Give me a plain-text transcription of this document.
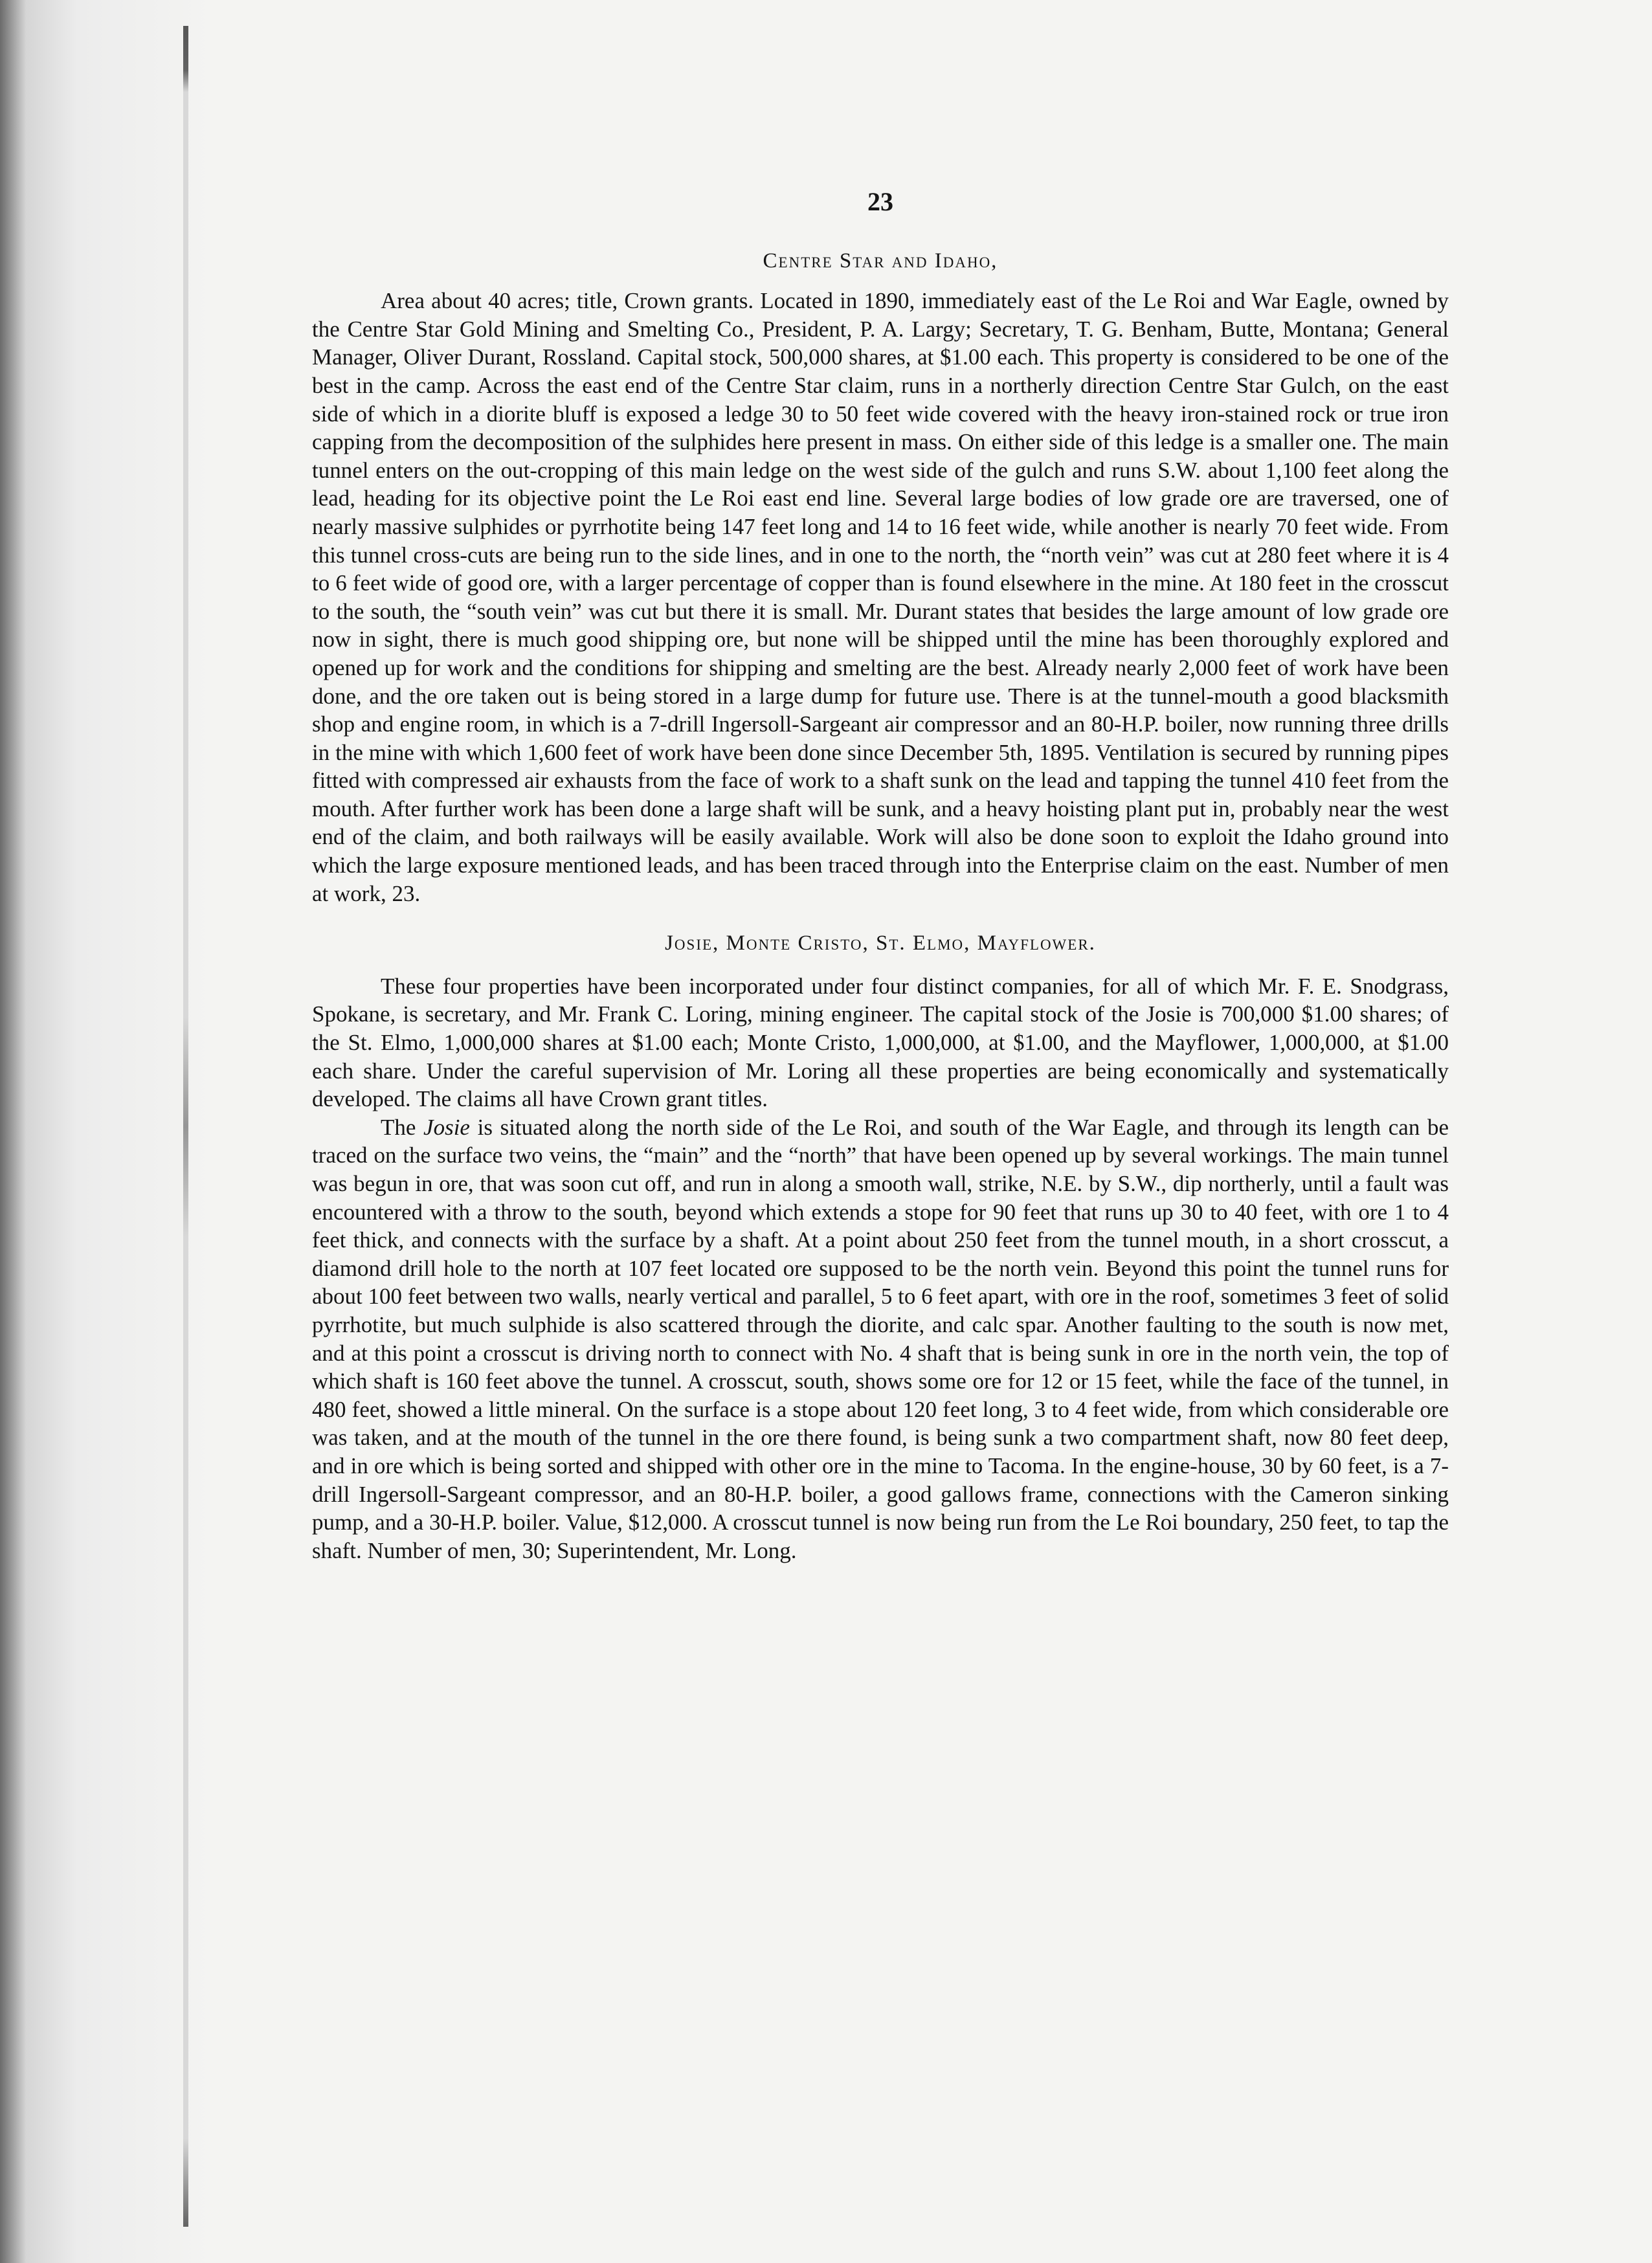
23
Centre Star and Idaho,

Area about 40 acres; title, Crown grants. Located in 1890, immediately east of the Le Roi and War Eagle, owned by the Centre Star Gold Mining and Smelting Co., President, P. A. Largy; Secretary, T. G. Benham, Butte, Montana; General Manager, Oliver Durant, Rossland. Capital stock, 500,000 shares, at $1.00 each. This property is considered to be one of the best in the camp. Across the east end of the Centre Star claim, runs in a northerly direction Centre Star Gulch, on the east side of which in a diorite bluff is exposed a ledge 30 to 50 feet wide covered with the heavy iron-stained rock or true iron capping from the decomposition of the sulphides here present in mass. On either side of this ledge is a smaller one. The main tunnel enters on the out-cropping of this main ledge on the west side of the gulch and runs S.W. about 1,100 feet along the lead, heading for its objective point the Le Roi east end line. Several large bodies of low grade ore are traversed, one of nearly massive sulphides or pyrrhotite being 147 feet long and 14 to 16 feet wide, while another is nearly 70 feet wide. From this tunnel cross-cuts are being run to the side lines, and in one to the north, the “north vein” was cut at 280 feet where it is 4 to 6 feet wide of good ore, with a larger percentage of copper than is found elsewhere in the mine. At 180 feet in the crosscut to the south, the “south vein” was cut but there it is small. Mr. Durant states that besides the large amount of low grade ore now in sight, there is much good shipping ore, but none will be shipped until the mine has been thoroughly explored and opened up for work and the conditions for shipping and smelting are the best. Already nearly 2,000 feet of work have been done, and the ore taken out is being stored in a large dump for future use. There is at the tunnel-mouth a good blacksmith shop and engine room, in which is a 7-drill Ingersoll-Sargeant air compressor and an 80-H.P. boiler, now running three drills in the mine with which 1,600 feet of work have been done since December 5th, 1895. Ventilation is secured by running pipes fitted with compressed air exhausts from the face of work to a shaft sunk on the lead and tapping the tunnel 410 feet from the mouth. After further work has been done a large shaft will be sunk, and a heavy hoisting plant put in, probably near the west end of the claim, and both railways will be easily available. Work will also be done soon to exploit the Idaho ground into which the large exposure mentioned leads, and has been traced through into the Enterprise claim on the east. Number of men at work, 23.

Josie, Monte Cristo, St. Elmo, Mayflower.

These four properties have been incorporated under four distinct companies, for all of which Mr. F. E. Snodgrass, Spokane, is secretary, and Mr. Frank C. Loring, mining engineer. The capital stock of the Josie is 700,000 $1.00 shares; of the St. Elmo, 1,000,000 shares at $1.00 each; Monte Cristo, 1,000,000, at $1.00, and the Mayflower, 1,000,000, at $1.00 each share. Under the careful supervision of Mr. Loring all these properties are being economically and systematically developed. The claims all have Crown grant titles.

The Josie is situated along the north side of the Le Roi, and south of the War Eagle, and through its length can be traced on the surface two veins, the “main” and the “north” that have been opened up by several workings. The main tunnel was begun in ore, that was soon cut off, and run in along a smooth wall, strike, N.E. by S.W., dip northerly, until a fault was encountered with a throw to the south, beyond which extends a stope for 90 feet that runs up 30 to 40 feet, with ore 1 to 4 feet thick, and connects with the surface by a shaft. At a point about 250 feet from the tunnel mouth, in a short crosscut, a diamond drill hole to the north at 107 feet located ore supposed to be the north vein. Beyond this point the tunnel runs for about 100 feet between two walls, nearly vertical and parallel, 5 to 6 feet apart, with ore in the roof, sometimes 3 feet of solid pyrrhotite, but much sulphide is also scattered through the diorite, and calc spar. Another faulting to the south is now met, and at this point a crosscut is driving north to connect with No. 4 shaft that is being sunk in ore in the north vein, the top of which shaft is 160 feet above the tunnel. A crosscut, south, shows some ore for 12 or 15 feet, while the face of the tunnel, in 480 feet, showed a little mineral. On the surface is a stope about 120 feet long, 3 to 4 feet wide, from which considerable ore was taken, and at the mouth of the tunnel in the ore there found, is being sunk a two compartment shaft, now 80 feet deep, and in ore which is being sorted and shipped with other ore in the mine to Tacoma. In the engine-house, 30 by 60 feet, is a 7-drill Ingersoll-Sargeant compressor, and an 80-H.P. boiler, a good gallows frame, connections with the Cameron sinking pump, and a 30-H.P. boiler. Value, $12,000. A crosscut tunnel is now being run from the Le Roi boundary, 250 feet, to tap the shaft. Number of men, 30; Superintendent, Mr. Long.
